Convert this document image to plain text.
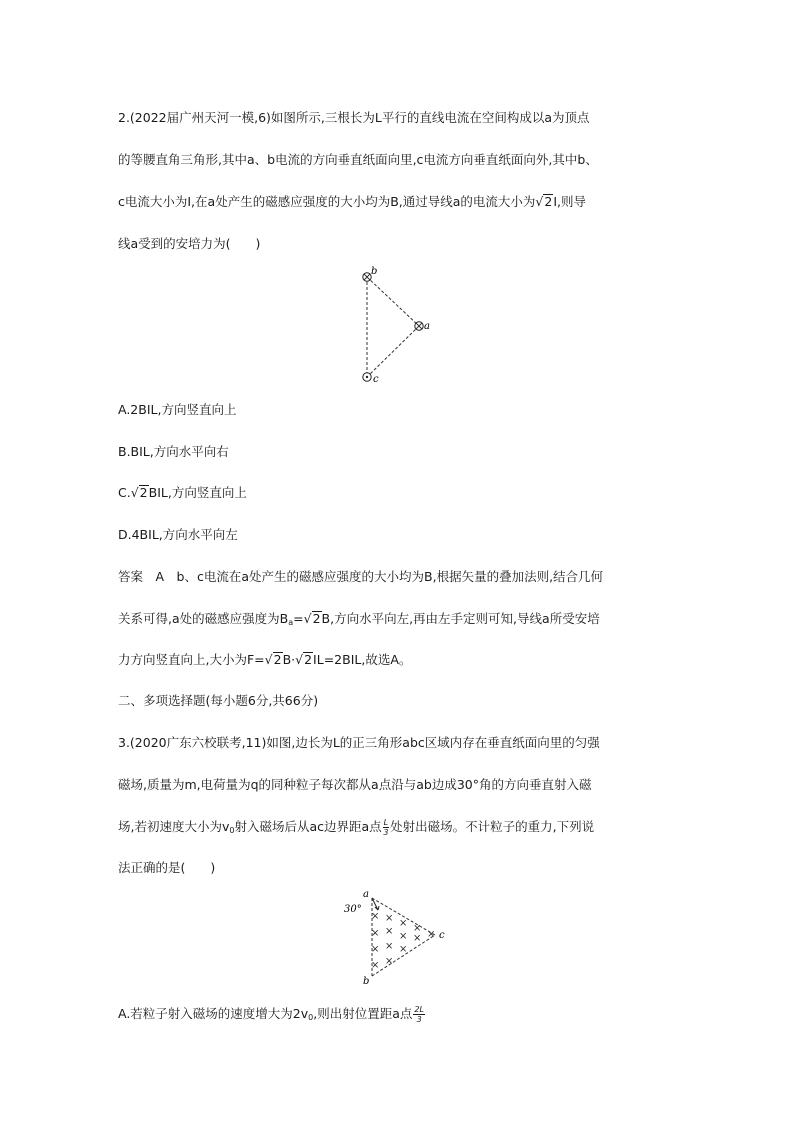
2.(2022届广州天河一模,6)如图所示,三根长为L平行的直线电流在空间构成以a为顶点
的等腰直角三角形,其中a、b电流的方向垂直纸面向里,c电流方向垂直纸面向外,其中b、
c电流大小为I,在a处产生的磁感应强度的大小均为B,通过导线a的电流大小为√2I,则导
线a受到的安培力为(　　)
b
a
c
A.2BIL,方向竖直向上
B.BIL,方向水平向右
C.√2BIL,方向竖直向上
D.4BIL,方向水平向左
答案　A　b、c电流在a处产生的磁感应强度的大小均为B,根据矢量的叠加法则,结合几何
关系可得,a处的磁感应强度为$B_a=√2B$,方向水平向左,再由左手定则可知,导线a所受安培
力方向竖直向上,大小为F=√2B·√2IL=2BIL,故选A。
二、多项选择题(每小题6分,共66分)
3.(2020广东六校联考,11)如图,边长为L的正三角形abc区域内存在垂直纸面向里的匀强
磁场,质量为m,电荷量为q的同种粒子每次都从a点沿与ab边成30°角的方向垂直射入磁
场,若初速度大小为$v_0$射入磁场后从ac边界距a点 $\frac{L}{3}$ 处射出磁场。不计粒子的重力,下列说
法正确的是(　　)
× × × ×
×
× × × ×
× × ×
× ×
a
30°
b
c
A.若粒子射入磁场的速度增大为$2v_0$,则出射位置距a点 $\frac{2L}{3}$
